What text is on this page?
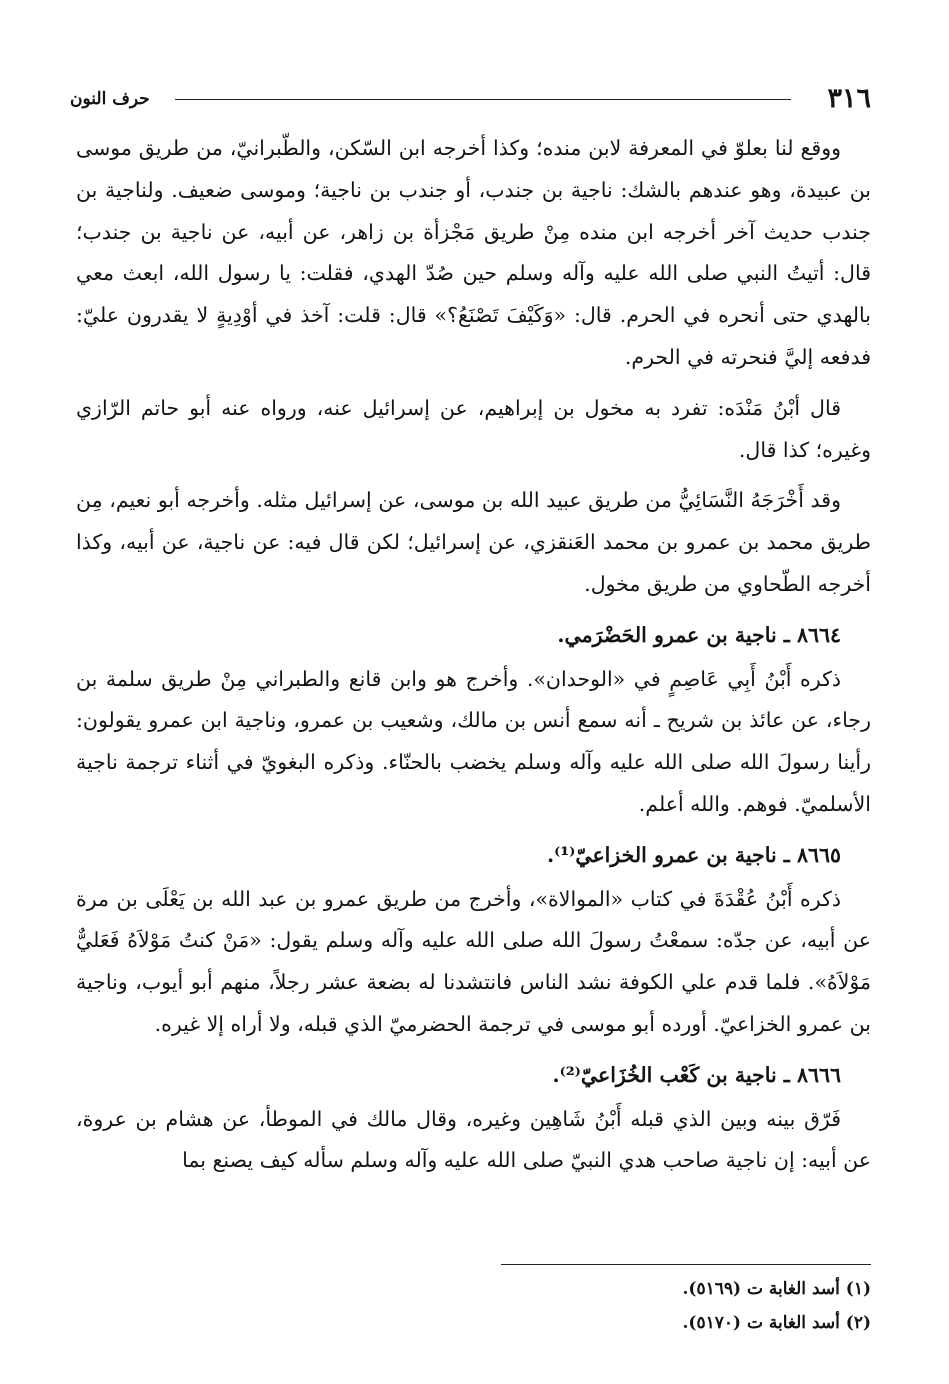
٣١٦
حرف النون

ووقع لنا بعلوّ في المعرفة لابن منده؛ وكذا أخرجه ابن السّكن، والطّبرانيّ، من طريق موسى بن عبيدة، وهو عندهم بالشك: ناجية بن جندب، أو جندب بن ناجية؛ وموسى ضعيف. ولناجية بن جندب حديث آخر أخرجه ابن منده مِنْ طريق مَجْزأة بن زاهر، عن أبيه، عن ناجية بن جندب؛ قال: أتيتُ النبي صلى الله عليه وآله وسلم حين صُدّ الهدي، فقلت: يا رسول الله، ابعث معي بالهدي حتى أنحره في الحرم. قال: «وَكَيْفَ تَصْنَعُ؟» قال: قلت: آخذ في أوْدِيةٍ لا يقدرون عليّ: فدفعه إليَّ فنحرته في الحرم.

قال أبْنُ مَنْدَه: تفرد به مخول بن إبراهيم، عن إسرائيل عنه، ورواه عنه أبو حاتم الرّازي وغيره؛ كذا قال.

وقد أَخْرَجَهُ النَّسَائِيُّ من طريق عبيد الله بن موسى، عن إسرائيل مثله. وأخرجه أبو نعيم، مِن طريق محمد بن عمرو بن محمد العَنقزي، عن إسرائيل؛ لكن قال فيه: عن ناجية، عن أبيه، وكذا أخرجه الطّحاوي من طريق مخول.

٨٦٦٤ ـ ناجية بن عمرو الحَضْرَمي.

ذكره أَبْنُ أَبِي عَاصِمٍ في «الوحدان». وأخرج هو وابن قانع والطبراني مِنْ طريق سلمة بن رجاء، عن عائذ بن شريح ـ أنه سمع أنس بن مالك، وشعيب بن عمرو، وناجية ابن عمرو يقولون: رأينا رسولَ الله صلى الله عليه وآله وسلم يخضب بالحنّاء. وذكره البغويّ في أثناء ترجمة ناجية الأسلميّ. فوهم. والله أعلم.

٨٦٦٥ ـ ناجية بن عمرو الخزاعيّ⁽¹⁾.

ذكره أَبْنُ عُقْدَةَ في كتاب «الموالاة»، وأخرج من طريق عمرو بن عبد الله بن يَعْلَى بن مرة عن أبيه، عن جدّه: سمعْتُ رسولَ الله صلى الله عليه وآله وسلم يقول: «مَنْ كنتُ مَوْلاَهُ فَعَليٌّ مَوْلاَهُ». فلما قدم علي الكوفة نشد الناس فانتشدنا له بضعة عشر رجلاً، منهم أبو أيوب، وناجية بن عمرو الخزاعيّ. أورده أبو موسى في ترجمة الحضرميّ الذي قبله، ولا أراه إلا غيره.

٨٦٦٦ ـ ناجية بن كَعْب الخُزَاعيّ⁽²⁾.

فَرّق بينه وبين الذي قبله أَبْنُ شَاهِين وغيره، وقال مالك في الموطأ، عن هشام بن عروة، عن أبيه: إن ناجية صاحب هدي النبيّ صلى الله عليه وآله وسلم سأله كيف يصنع بما

(١) أسد الغابة ت (٥١٦٩).

(٢) أسد الغابة ت (٥١٧٠).
